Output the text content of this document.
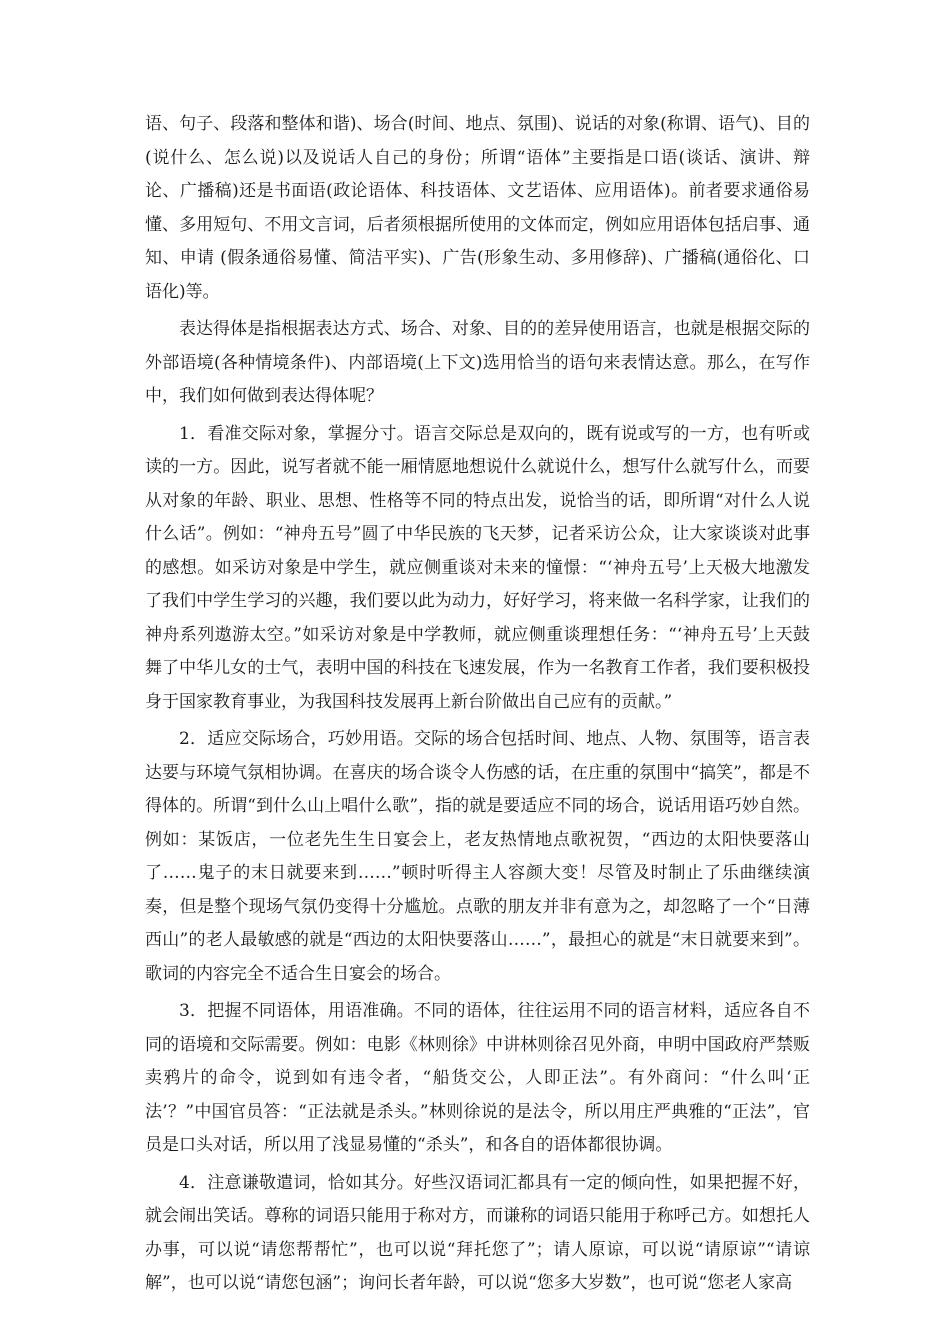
语、句子、段落和整体和谐)、场合(时间、地点、氛围)、说话的对象(称谓、语气)、目的(说什么、怎么说)以及说话人自己的身份；所谓“语体”主要指是口语(谈话、演讲、辩论、广播稿)还是书面语(政论语体、科技语体、文艺语体、应用语体)。前者要求通俗易懂、多用短句、不用文言词，后者须根据所使用的文体而定，例如应用语体包括启事、通知、申请 (假条通俗易懂、简洁平实)、广告(形象生动、多用修辞)、广播稿(通俗化、口语化)等。

表达得体是指根据表达方式、场合、对象、目的的差异使用语言，也就是根据交际的外部语境(各种情境条件)、内部语境(上下文)选用恰当的语句来表情达意。那么，在写作中，我们如何做到表达得体呢？

1．看准交际对象，掌握分寸。语言交际总是双向的，既有说或写的一方，也有听或读的一方。因此，说写者就不能一厢情愿地想说什么就说什么，想写什么就写什么，而要从对象的年龄、职业、思想、性格等不同的特点出发，说恰当的话，即所谓“对什么人说什么话”。例如：“神舟五号”圆了中华民族的飞天梦，记者采访公众，让大家谈谈对此事的感想。如采访对象是中学生，就应侧重谈对未来的憧憬：“‘神舟五号’上天极大地激发了我们中学生学习的兴趣，我们要以此为动力，好好学习，将来做一名科学家，让我们的神舟系列遨游太空。”如采访对象是中学教师，就应侧重谈理想任务：“‘神舟五号’上天鼓舞了中华儿女的士气，表明中国的科技在飞速发展，作为一名教育工作者，我们要积极投身于国家教育事业，为我国科技发展再上新台阶做出自己应有的贡献。”

2．适应交际场合，巧妙用语。交际的场合包括时间、地点、人物、氛围等，语言表达要与环境气氛相协调。在喜庆的场合谈令人伤感的话，在庄重的氛围中“搞笑”，都是不得体的。所谓“到什么山上唱什么歌”，指的就是要适应不同的场合，说话用语巧妙自然。例如：某饭店，一位老先生生日宴会上，老友热情地点歌祝贺，“西边的太阳快要落山了……鬼子的末日就要来到……”顿时听得主人容颜大变！尽管及时制止了乐曲继续演奏，但是整个现场气氛仍变得十分尴尬。点歌的朋友并非有意为之，却忽略了一个“日薄西山”的老人最敏感的就是“西边的太阳快要落山……”，最担心的就是“末日就要来到”。歌词的内容完全不适合生日宴会的场合。

3．把握不同语体，用语准确。不同的语体，往往运用不同的语言材料，适应各自不同的语境和交际需要。例如：电影《林则徐》中讲林则徐召见外商，申明中国政府严禁贩卖鸦片的命令，说到如有违令者，“船货交公，人即正法”。有外商问：“什么叫‘正法’？”中国官员答：“正法就是杀头。”林则徐说的是法令，所以用庄严典雅的“正法”，官员是口头对话，所以用了浅显易懂的“杀头”，和各自的语体都很协调。

4．注意谦敬遣词，恰如其分。好些汉语词汇都具有一定的倾向性，如果把握不好，就会闹出笑话。尊称的词语只能用于称对方，而谦称的词语只能用于称呼己方。如想托人办事，可以说“请您帮帮忙”，也可以说“拜托您了”；请人原谅，可以说“请原谅”“请谅解”，也可以说“请您包涵”；询问长者年龄，可以说“您多大岁数”，也可说“您老人家高
